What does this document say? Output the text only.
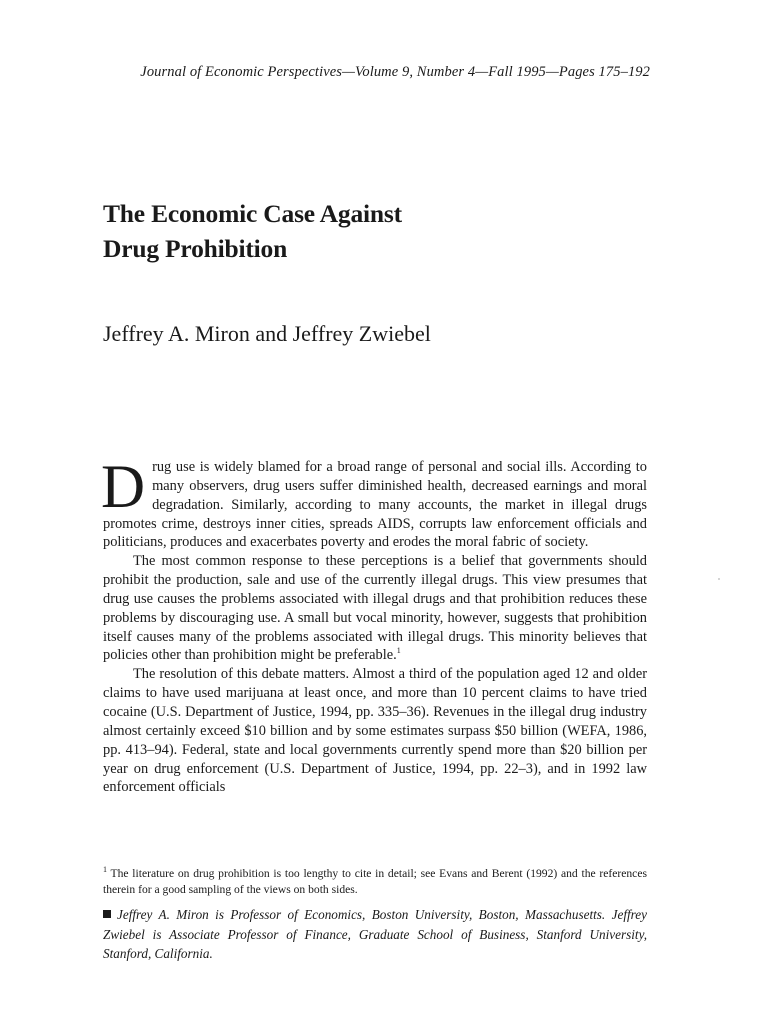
Journal of Economic Perspectives—Volume 9, Number 4—Fall 1995—Pages 175–192
The Economic Case Against
Drug Prohibition

Jeffrey A. Miron and Jeffrey Zwiebel

Drug use is widely blamed for a broad range of personal and social ills. According to many observers, drug users suffer diminished health, decreased earnings and moral degradation. Similarly, according to many accounts, the market in illegal drugs promotes crime, destroys inner cities, spreads AIDS, corrupts law enforcement officials and politicians, produces and exacerbates poverty and erodes the moral fabric of society.

The most common response to these perceptions is a belief that governments should prohibit the production, sale and use of the currently illegal drugs. This view presumes that drug use causes the problems associated with illegal drugs and that prohibition reduces these problems by discouraging use. A small but vocal minority, however, suggests that prohibition itself causes many of the problems associated with illegal drugs. This minority believes that policies other than prohibition might be preferable.$^1$

The resolution of this debate matters. Almost a third of the population aged 12 and older claims to have used marijuana at least once, and more than 10 percent claims to have tried cocaine (U.S. Department of Justice, 1994, pp. 335–36). Revenues in the illegal drug industry almost certainly exceed $10 billion and by some estimates surpass $50 billion (WEFA, 1986, pp. 413–94). Federal, state and local governments currently spend more than $20 billion per year on drug enforcement (U.S. Department of Justice, 1994, pp. 22–3), and in 1992 law enforcement officials

$^1$ The literature on drug prohibition is too lengthy to cite in detail; see Evans and Berent (1992) and the references therein for a good sampling of the views on both sides.
Jeffrey A. Miron is Professor of Economics, Boston University, Boston, Massachusetts. Jeffrey Zwiebel is Associate Professor of Finance, Graduate School of Business, Stanford University, Stanford, California.
